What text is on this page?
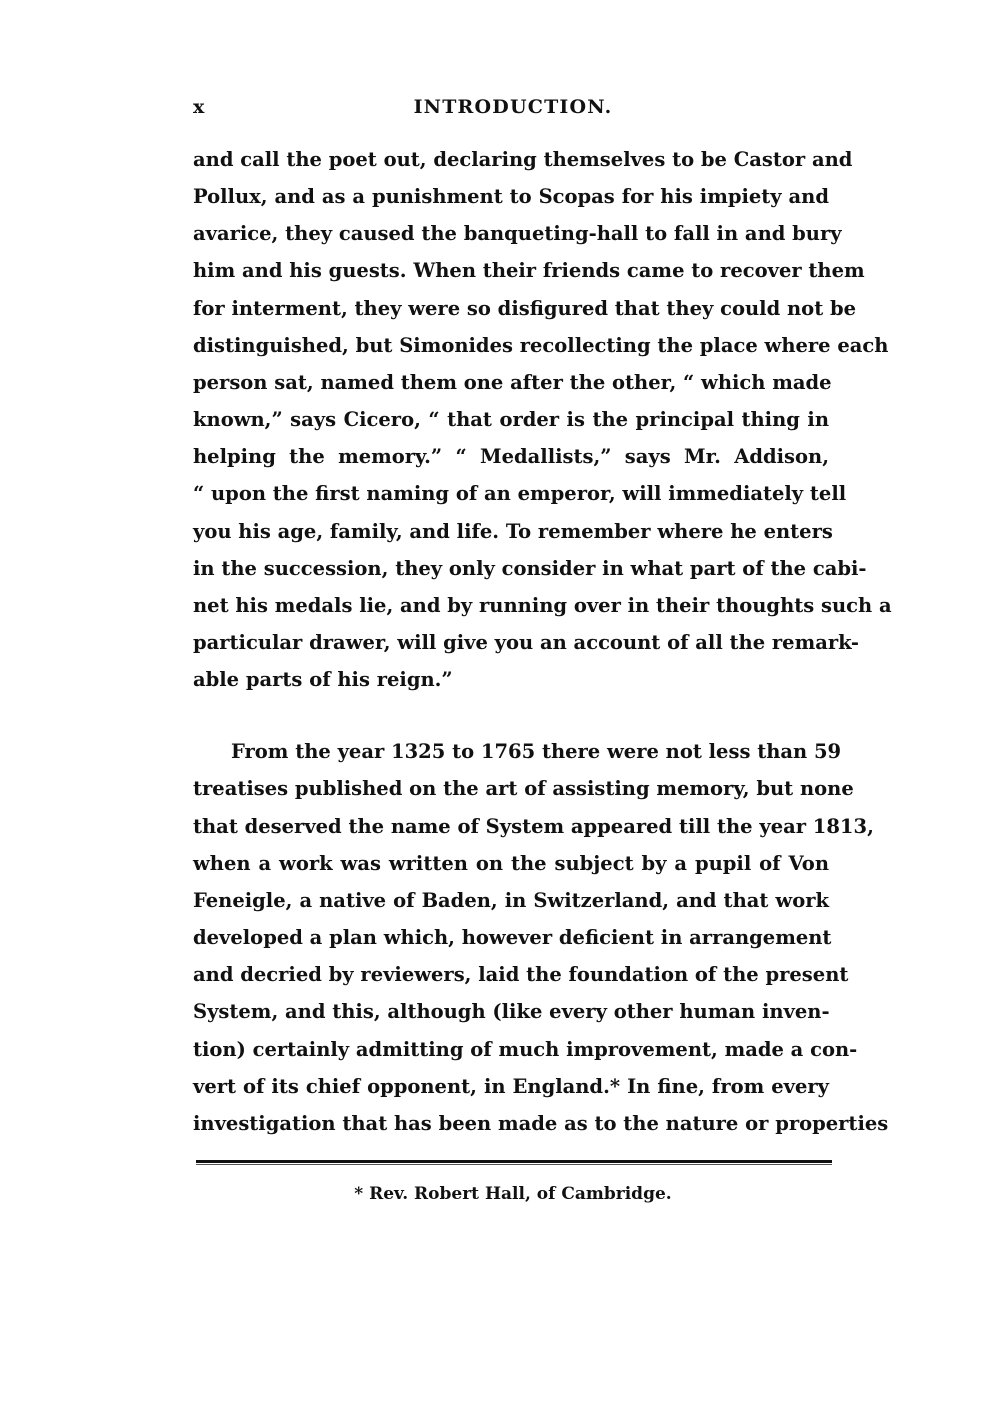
x	INTRODUCTION.
and call the poet out, declaring themselves to be Castor and
Pollux, and as a punishment to Scopas for his impiety and
avarice, they caused the banqueting-hall to fall in and bury
him and his guests. When their friends came to recover them
for interment, they were so disfigured that they could not be
distinguished, but Simonides recollecting the place where each
person sat, named them one after the other, “ which made
known,” says Cicero, “ that order is the principal thing in
helping the memory.” “ Medallists,” says Mr. Addison,
“ upon the first naming of an emperor, will immediately tell
you his age, family, and life. To remember where he enters
in the succession, they only consider in what part of the cabi-
net his medals lie, and by running over in their thoughts such a
particular drawer, will give you an account of all the remark-
able parts of his reign.”
From the year 1325 to 1765 there were not less than 59
treatises published on the art of assisting memory, but none
that deserved the name of System appeared till the year 1813,
when a work was written on the subject by a pupil of Von
Feneigle, a native of Baden, in Switzerland, and that work
developed a plan which, however deficient in arrangement
and decried by reviewers, laid the foundation of the present
System, and this, although (like every other human inven-
tion) certainly admitting of much improvement, made a con-
vert of its chief opponent, in England.* In fine, from every
investigation that has been made as to the nature or properties
* Rev. Robert Hall, of Cambridge.
